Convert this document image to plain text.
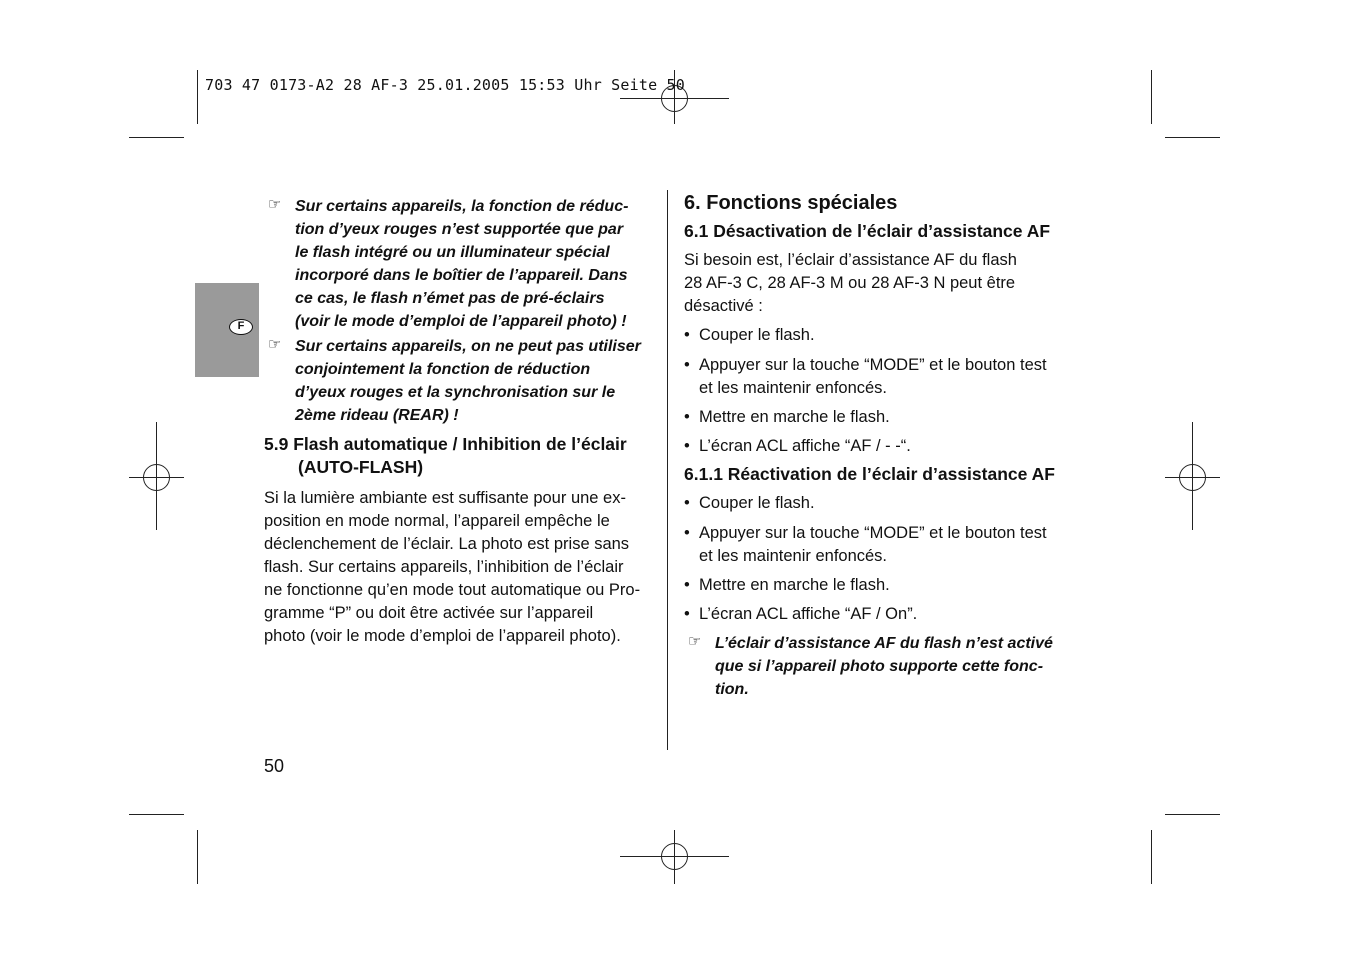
703 47 0173-A2 28 AF-3 25.01.2005 15:53 Uhr Seite 50
F
☞ Sur certains appareils, la fonction de réduc-
tion d’yeux rouges n’est supportée que par
le flash intégré ou un illuminateur spécial
incorporé dans le boîtier de l’appareil. Dans
ce cas, le flash n’émet pas de pré-éclairs
(voir le mode d’emploi de l’appareil photo) !
☞ Sur certains appareils, on ne peut pas utiliser
conjointement la fonction de réduction
d’yeux rouges et la synchronisation sur le
2ème rideau (REAR) !
5.9 Flash automatique / Inhibition de l’éclair
(AUTO-FLASH)
Si la lumière ambiante est suffisante pour une ex-
position en mode normal, l’appareil empêche le
déclenchement de l’éclair. La photo est prise sans
flash. Sur certains appareils, l’inhibition de l’éclair
ne fonctionne qu’en mode tout automatique ou Pro-
gramme “P” ou doit être activée sur l’appareil
photo (voir le mode d’emploi de l’appareil photo).
6. Fonctions spéciales
6.1 Désactivation de l’éclair d’assistance AF
Si besoin est, l’éclair d’assistance AF du flash
28 AF-3 C, 28 AF-3 M ou 28 AF-3 N peut être
désactivé :
• Couper le flash.
• Appuyer sur la touche “MODE” et le bouton test
et les maintenir enfoncés.
• Mettre en marche le flash.
• L’écran ACL affiche “AF / - -“.
6.1.1 Réactivation de l’éclair d’assistance AF
• Couper le flash.
• Appuyer sur la touche “MODE” et le bouton test
et les maintenir enfoncés.
• Mettre en marche le flash.
• L’écran ACL affiche “AF / On”.
☞ L’éclair d’assistance AF du flash n’est activé
que si l’appareil photo supporte cette fonc-
tion.
50
